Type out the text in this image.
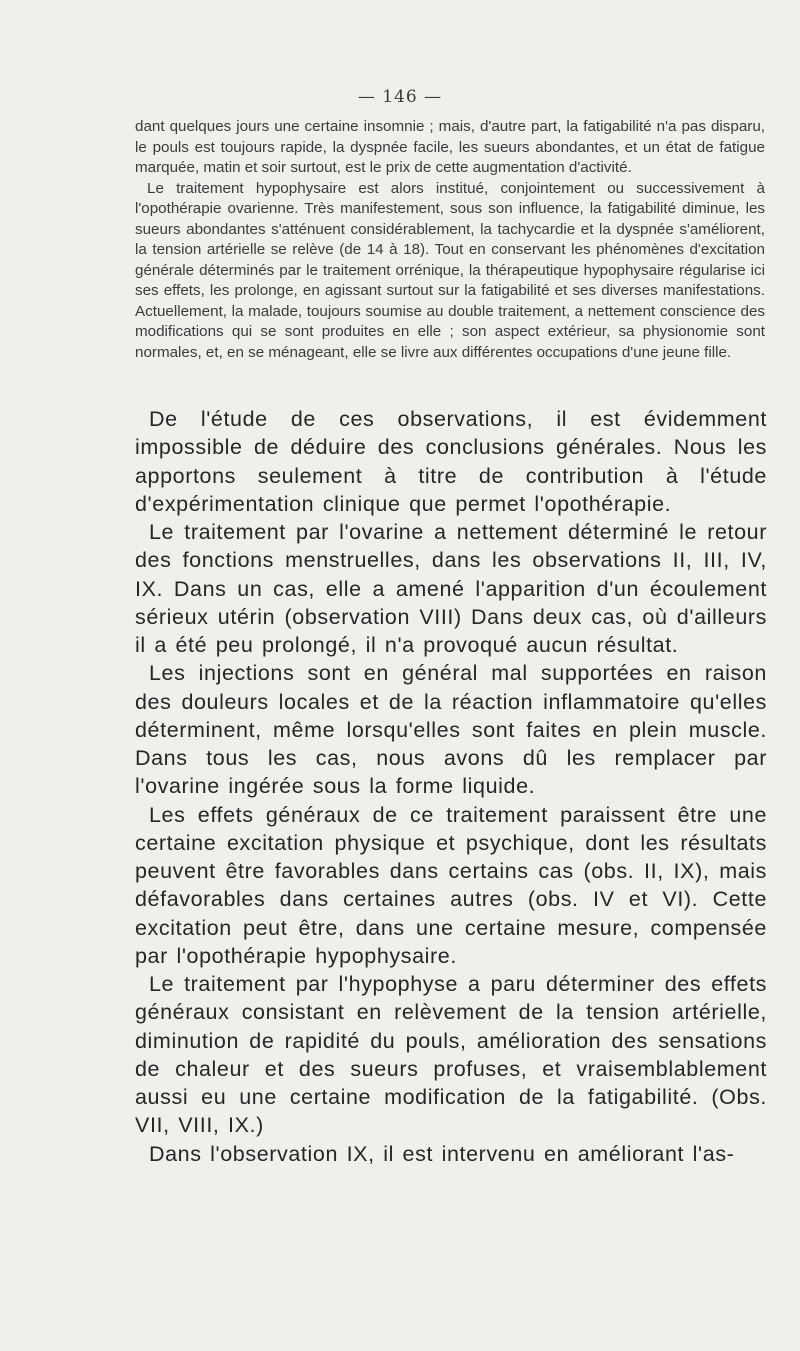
— 146 —

dant quelques jours une certaine insomnie ; mais, d'autre part, la fatigabilité n'a pas disparu, le pouls est toujours rapide, la dyspnée facile, les sueurs abondantes, et un état de fatigue marquée, matin et soir surtout, est le prix de cette augmentation d'activité.

Le traitement hypophysaire est alors institué, conjointement ou successivement à l'opothérapie ovarienne. Très manifestement, sous son influence, la fatigabilité diminue, les sueurs abondantes s'atténuent considérablement, la tachycardie et la dyspnée s'améliorent, la tension artérielle se relève (de 14 à 18). Tout en conservant les phénomènes d'excitation générale déterminés par le traitement orrénique, la thérapeutique hypophysaire régularise ici ses effets, les prolonge, en agissant surtout sur la fatigabilité et ses diverses manifestations. Actuellement, la malade, toujours soumise au double traitement, a nettement conscience des modifications qui se sont produites en elle ; son aspect extérieur, sa physionomie sont normales, et, en se ménageant, elle se livre aux différentes occupations d'une jeune fille.

De l'étude de ces observations, il est évidemment impossible de déduire des conclusions générales. Nous les apportons seulement à titre de contribution à l'étude d'expérimentation clinique que permet l'opothérapie.

Le traitement par l'ovarine a nettement déterminé le retour des fonctions menstruelles, dans les observations II, III, IV, IX. Dans un cas, elle a amené l'apparition d'un écoulement sérieux utérin (observation VIII) Dans deux cas, où d'ailleurs il a été peu prolongé, il n'a provoqué aucun résultat.

Les injections sont en général mal supportées en raison des douleurs locales et de la réaction inflammatoire qu'elles déterminent, même lorsqu'elles sont faites en plein muscle. Dans tous les cas, nous avons dû les remplacer par l'ovarine ingérée sous la forme liquide.

Les effets généraux de ce traitement paraissent être une certaine excitation physique et psychique, dont les résultats peuvent être favorables dans certains cas (obs. II, IX), mais défavorables dans certaines autres (obs. IV et VI). Cette excitation peut être, dans une certaine mesure, compensée par l'opothérapie hypophysaire.

Le traitement par l'hypophyse a paru déterminer des effets généraux consistant en relèvement de la tension artérielle, diminution de rapidité du pouls, amélioration des sensations de chaleur et des sueurs profuses, et vraisemblablement aussi eu une certaine modification de la fatigabilité. (Obs. VII, VIII, IX.)

Dans l'observation IX, il est intervenu en améliorant l'as-
